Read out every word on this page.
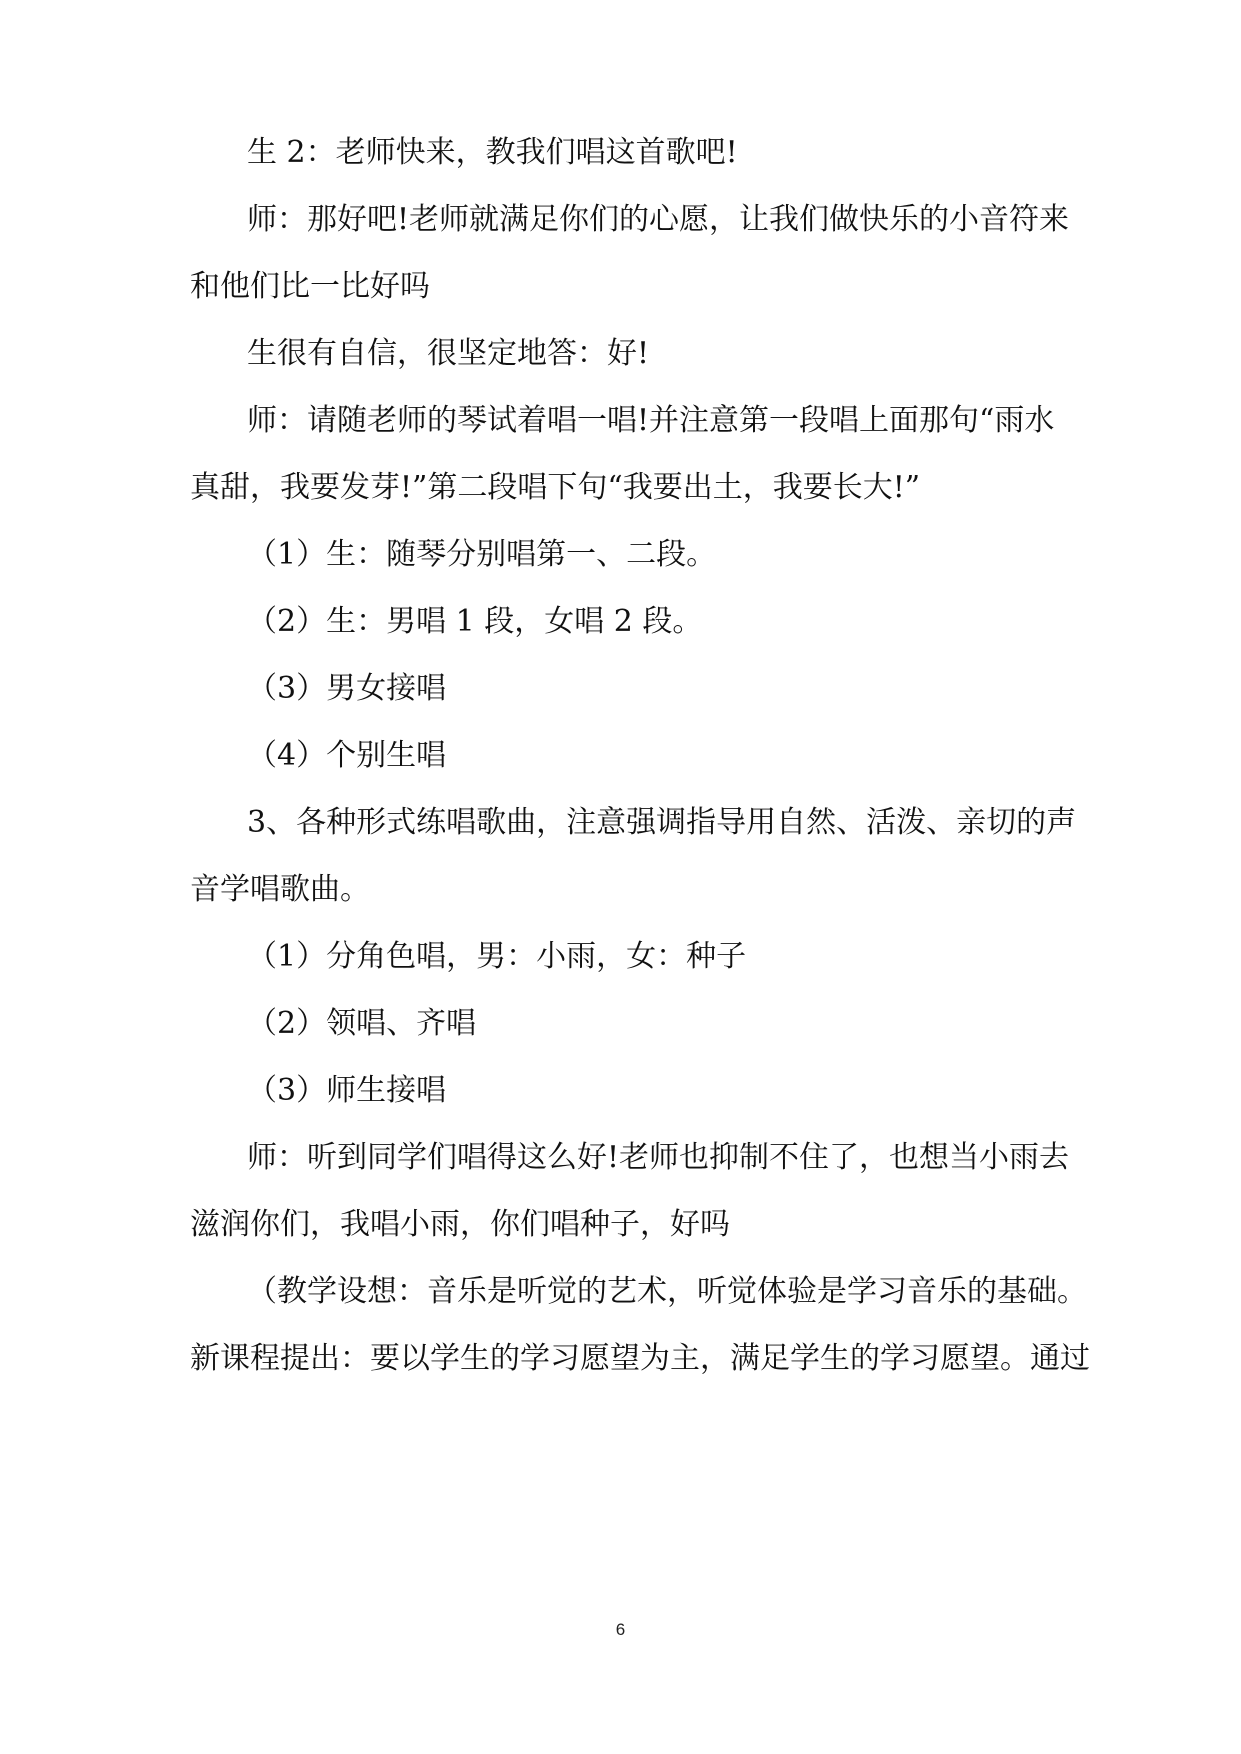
生 2：老师快来，教我们唱这首歌吧!
师：那好吧!老师就满足你们的心愿，让我们做快乐的小音符来
和他们比一比好吗
生很有自信，很坚定地答：好!
师：请随老师的琴试着唱一唱!并注意第一段唱上面那句“雨水
真甜，我要发芽!”第二段唱下句“我要出土，我要长大!”
（1）生：随琴分别唱第一、二段。
（2）生：男唱 1 段，女唱 2 段。
（3）男女接唱
（4）个别生唱
3、各种形式练唱歌曲，注意强调指导用自然、活泼、亲切的声
音学唱歌曲。
（1）分角色唱，男：小雨，女：种子
（2）领唱、齐唱
（3）师生接唱
师：听到同学们唱得这么好!老师也抑制不住了，也想当小雨去
滋润你们，我唱小雨，你们唱种子，好吗
（教学设想：音乐是听觉的艺术，听觉体验是学习音乐的基础。
新课程提出：要以学生的学习愿望为主，满足学生的学习愿望。通过
6
